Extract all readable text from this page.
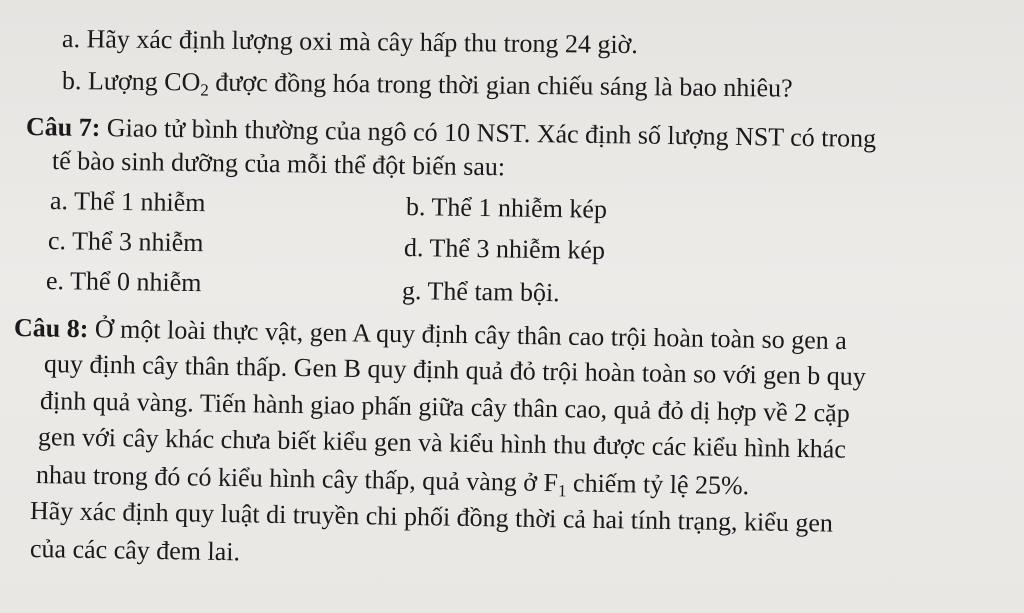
a. Hãy xác định lượng oxi mà cây hấp thu trong 24 giờ.
b. Lượng $CO_2$ được đồng hóa trong thời gian chiếu sáng là bao nhiêu?
Câu 7: Giao tử bình thường của ngô có 10 NST. Xác định số lượng NST có trong
tế bào sinh dưỡng của mỗi thể đột biến sau:
a. Thể 1 nhiễm	b. Thể 1 nhiễm kép
c. Thể 3 nhiễm	d. Thể 3 nhiễm kép
e. Thể 0 nhiễm	g. Thể tam bội.
Câu 8: Ở một loài thực vật, gen A quy định cây thân cao trội hoàn toàn so gen a
quy định cây thân thấp. Gen B quy định quả đỏ trội hoàn toàn so với gen b quy
định quả vàng. Tiến hành giao phấn giữa cây thân cao, quả đỏ dị hợp về 2 cặp
gen với cây khác chưa biết kiểu gen và kiểu hình thu được các kiểu hình khác
nhau trong đó có kiểu hình cây thấp, quả vàng ở $F_1$ chiếm tỷ lệ 25%.
Hãy xác định quy luật di truyền chi phối đồng thời cả hai tính trạng, kiểu gen
của các cây đem lai.
